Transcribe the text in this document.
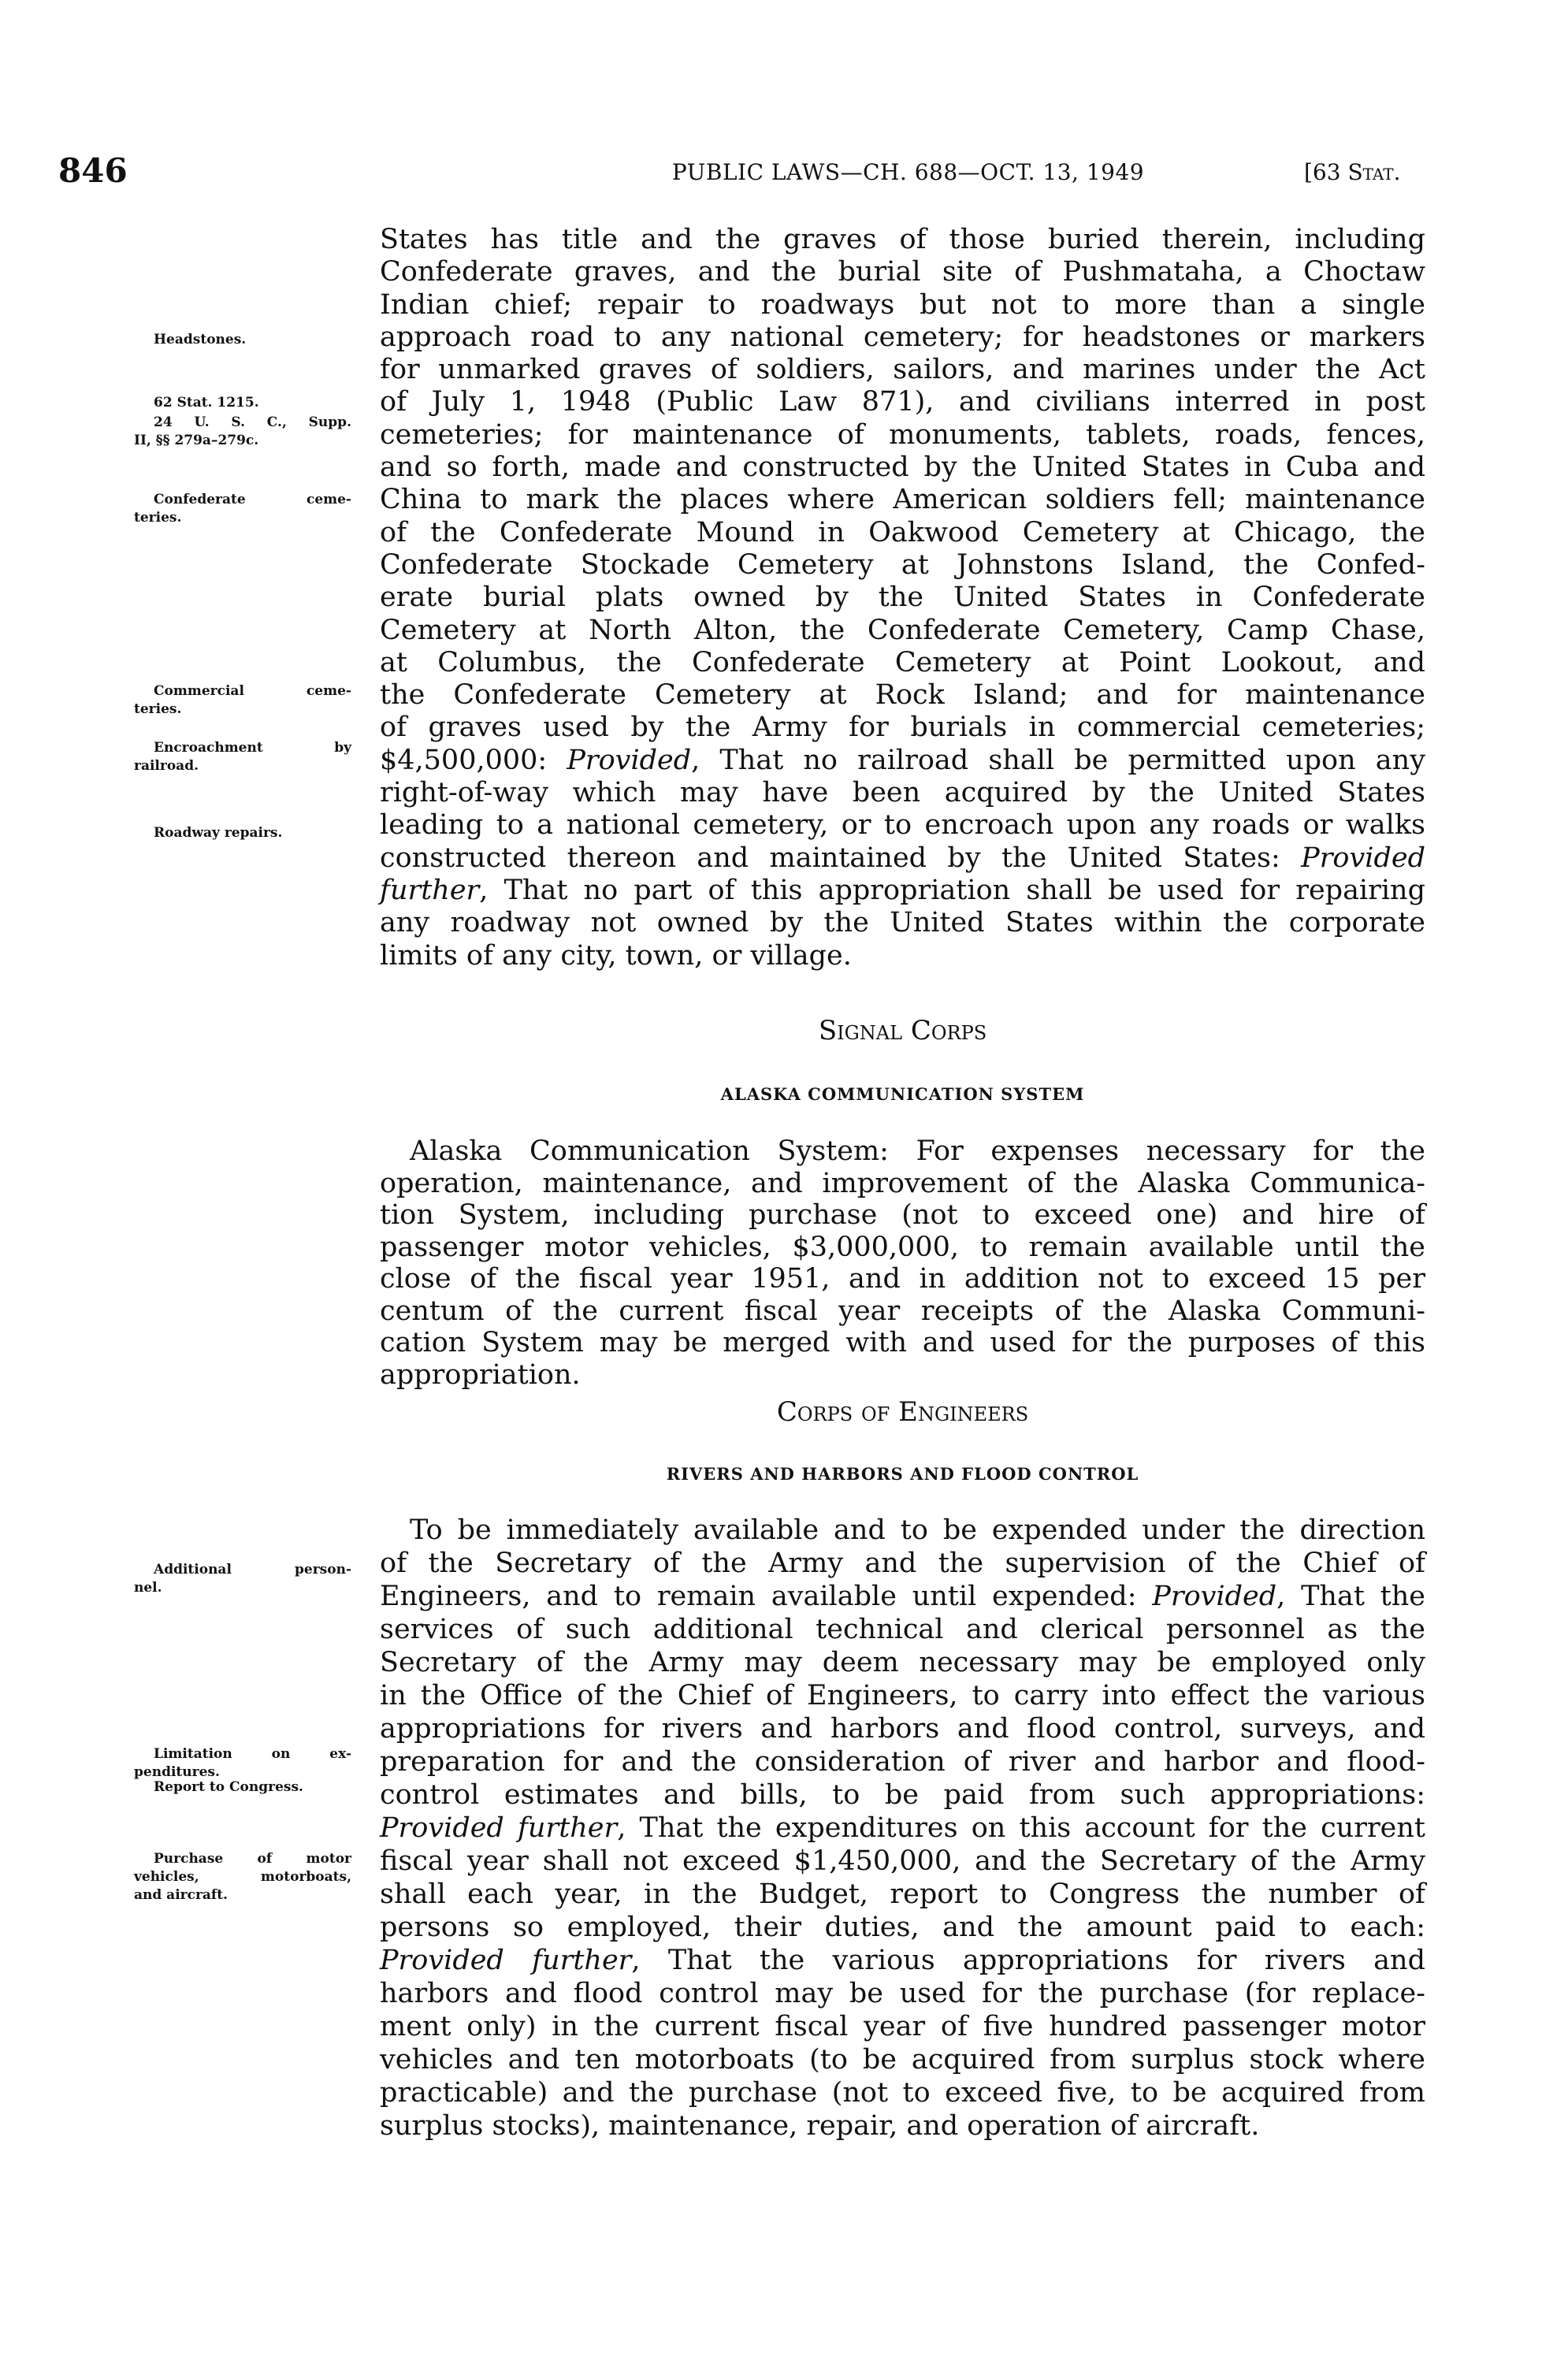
846	PUBLIC LAWS—CH. 688—OCT. 13, 1949	[63 Stat.
States has title and the graves of those buried therein, including
Confederate graves, and the burial site of Pushmataha, a Choctaw
Indian chief; repair to roadways but not to more than a single
approach road to any national cemetery; for headstones or markers
for unmarked graves of soldiers, sailors, and marines under the Act
of July 1, 1948 (Public Law 871), and civilians interred in post
cemeteries; for maintenance of monuments, tablets, roads, fences,
and so forth, made and constructed by the United States in Cuba and
China to mark the places where American soldiers fell; maintenance
of the Confederate Mound in Oakwood Cemetery at Chicago, the
Confederate Stockade Cemetery at Johnstons Island, the Confed-
erate burial plats owned by the United States in Confederate
Cemetery at North Alton, the Confederate Cemetery, Camp Chase,
at Columbus, the Confederate Cemetery at Point Lookout, and
the Confederate Cemetery at Rock Island; and for maintenance
of graves used by the Army for burials in commercial cemeteries;
$4,500,000: Provided, That no railroad shall be permitted upon any
right-of-way which may have been acquired by the United States
leading to a national cemetery, or to encroach upon any roads or walks
constructed thereon and maintained by the United States: Provided
further, That no part of this appropriation shall be used for repairing
any roadway not owned by the United States within the corporate
limits of any city, town, or village.
Signal Corps
ALASKA COMMUNICATION SYSTEM
Alaska Communication System: For expenses necessary for the
operation, maintenance, and improvement of the Alaska Communica-
tion System, including purchase (not to exceed one) and hire of
passenger motor vehicles, $3,000,000, to remain available until the
close of the fiscal year 1951, and in addition not to exceed 15 per
centum of the current fiscal year receipts of the Alaska Communi-
cation System may be merged with and used for the purposes of this
appropriation.
Corps of Engineers
RIVERS AND HARBORS AND FLOOD CONTROL
To be immediately available and to be expended under the direction
of the Secretary of the Army and the supervision of the Chief of
Engineers, and to remain available until expended: Provided, That the
services of such additional technical and clerical personnel as the
Secretary of the Army may deem necessary may be employed only
in the Office of the Chief of Engineers, to carry into effect the various
appropriations for rivers and harbors and flood control, surveys, and
preparation for and the consideration of river and harbor and flood-
control estimates and bills, to be paid from such appropriations:
Provided further, That the expenditures on this account for the current
fiscal year shall not exceed $1,450,000, and the Secretary of the Army
shall each year, in the Budget, report to Congress the number of
persons so employed, their duties, and the amount paid to each:
Provided further, That the various appropriations for rivers and
harbors and flood control may be used for the purchase (for replace-
ment only) in the current fiscal year of five hundred passenger motor
vehicles and ten motorboats (to be acquired from surplus stock where
practicable) and the purchase (not to exceed five, to be acquired from
surplus stocks), maintenance, repair, and operation of aircraft.
Headstones.
62 Stat. 1215.
24 U. S. C., Supp.
II, §§ 279a–279c.
Confederate ceme-
teries.
Commercial ceme-
teries.
Encroachment by
railroad.
Roadway repairs.
Additional person-
nel.
Limitation on ex-
penditures.
Report to Congress.
Purchase of motor
vehicles, motorboats,
and aircraft.
